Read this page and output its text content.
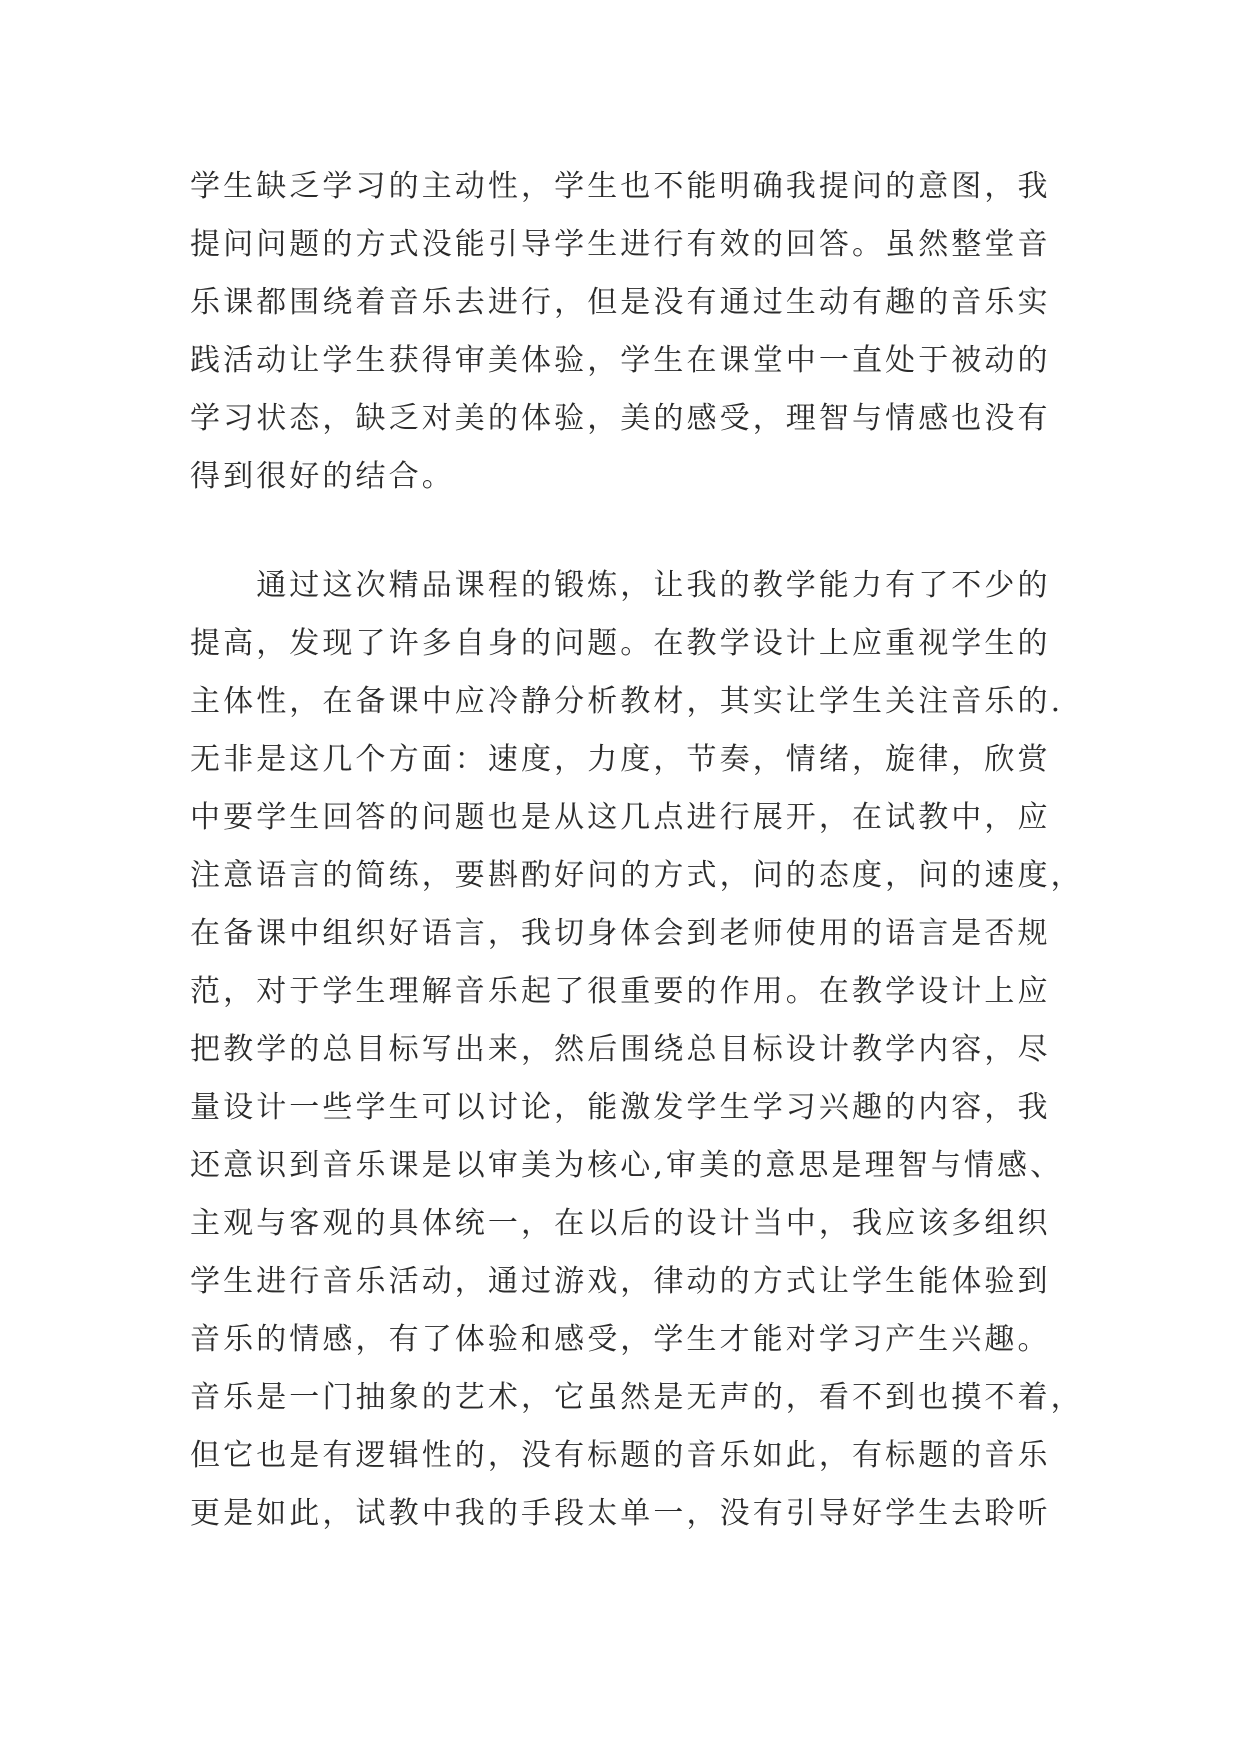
学生缺乏学习的主动性，学生也不能明确我提问的意图，我
提问问题的方式没能引导学生进行有效的回答。虽然整堂音
乐课都围绕着音乐去进行，但是没有通过生动有趣的音乐实
践活动让学生获得审美体验，学生在课堂中一直处于被动的
学习状态，缺乏对美的体验，美的感受，理智与情感也没有
得到很好的结合。
　　通过这次精品课程的锻炼，让我的教学能力有了不少的
提高，发现了许多自身的问题。在教学设计上应重视学生的
主体性，在备课中应冷静分析教材，其实让学生关注音乐的.
无非是这几个方面：速度，力度，节奏，情绪，旋律，欣赏
中要学生回答的问题也是从这几点进行展开，在试教中，应
注意语言的简练，要斟酌好问的方式，问的态度，问的速度，
在备课中组织好语言，我切身体会到老师使用的语言是否规
范，对于学生理解音乐起了很重要的作用。在教学设计上应
把教学的总目标写出来，然后围绕总目标设计教学内容，尽
量设计一些学生可以讨论，能激发学生学习兴趣的内容，我
还意识到音乐课是以审美为核心,审美的意思是理智与情感、
主观与客观的具体统一，在以后的设计当中，我应该多组织
学生进行音乐活动，通过游戏，律动的方式让学生能体验到
音乐的情感，有了体验和感受，学生才能对学习产生兴趣。
音乐是一门抽象的艺术，它虽然是无声的，看不到也摸不着，
但它也是有逻辑性的，没有标题的音乐如此，有标题的音乐
更是如此，试教中我的手段太单一，没有引导好学生去聆听
